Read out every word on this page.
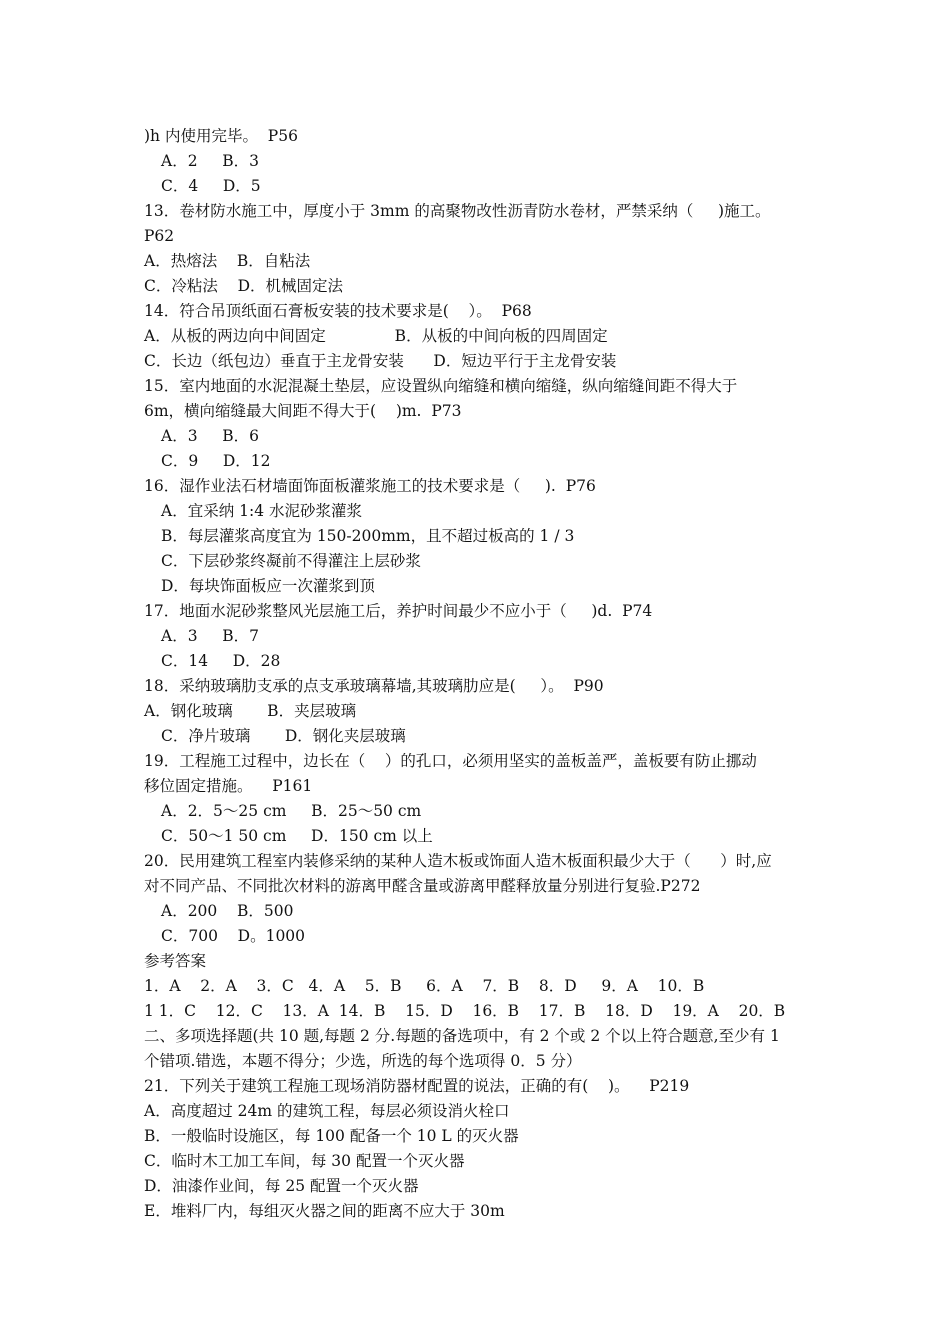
)h 内使用完毕。  P56
A．2     B．3
C．4     D．5
13．卷材防水施工中，厚度小于 3mm 的高聚物改性沥青防水卷材，严禁采纳（     )施工。
P62
A．热熔法    B．自粘法
C．冷粘法    D．机械固定法
14．符合吊顶纸面石膏板安装的技术要求是(    ）。  P68
A．从板的两边向中间固定              B．从板的中间向板的四周固定
C．长边（纸包边）垂直于主龙骨安装      D．短边平行于主龙骨安装
15．室内地面的水泥混凝土垫层，应设置纵向缩缝和横向缩缝，纵向缩缝间距不得大于
6m，横向缩缝最大间距不得大于(    )m.  P73
A．3     B．6
C．9     D．12
16．湿作业法石材墙面饰面板灌浆施工的技术要求是（     ).  P76
A．宜采纳 1:4 水泥砂浆灌浆
B．每层灌浆高度宜为 150-200mm，且不超过板高的 1 / 3
C．下层砂浆终凝前不得灌注上层砂浆
D．每块饰面板应一次灌浆到顶
17．地面水泥砂浆整风光层施工后，养护时间最少不应小于（     )d.  P74
A．3     B．7
C．14     D．28
18．采纳玻璃肋支承的点支承玻璃幕墙,其玻璃肋应是(     ）。  P90
A．钢化玻璃       B．夹层玻璃
C．净片玻璃       D．钢化夹层玻璃
19．工程施工过程中，边长在（    ）的孔口，必须用坚实的盖板盖严，盖板要有防止挪动
移位固定措施。    P161
A．2．5～25 cm     B．25～50 cm
C．50～1 50 cm     D．150 cm 以上
20．民用建筑工程室内装修采纳的某种人造木板或饰面人造木板面积最少大于（      ）时,应
对不同产品、不同批次材料的游离甲醛含量或游离甲醛释放量分别进行复验.P272
A．200    B．500
C．700    D。1000
参考答案
1．A    2．A    3．C   4．A    5．B     6．A    7．B    8．D     9．A    10．B
1 1．C    12．C    13．A  14．B    15．D    16．B    17．B    18．D    19．A    20．B
二、多项选择题(共 10 题,每题 2 分.每题的备选项中，有 2 个或 2 个以上符合题意,至少有 1
个错项.错选，本题不得分；少选，所选的每个选项得 0．5 分）
21．下列关于建筑工程施工现场消防器材配置的说法，正确的有(    )。    P219
A．高度超过 24m 的建筑工程，每层必须设消火栓口
B．一般临时设施区，每 100 配备一个 10 L 的灭火器
C．临时木工加工车间，每 30 配置一个灭火器
D．油漆作业间，每 25 配置一个灭火器
E．堆料厂内，每组灭火器之间的距离不应大于 30m
